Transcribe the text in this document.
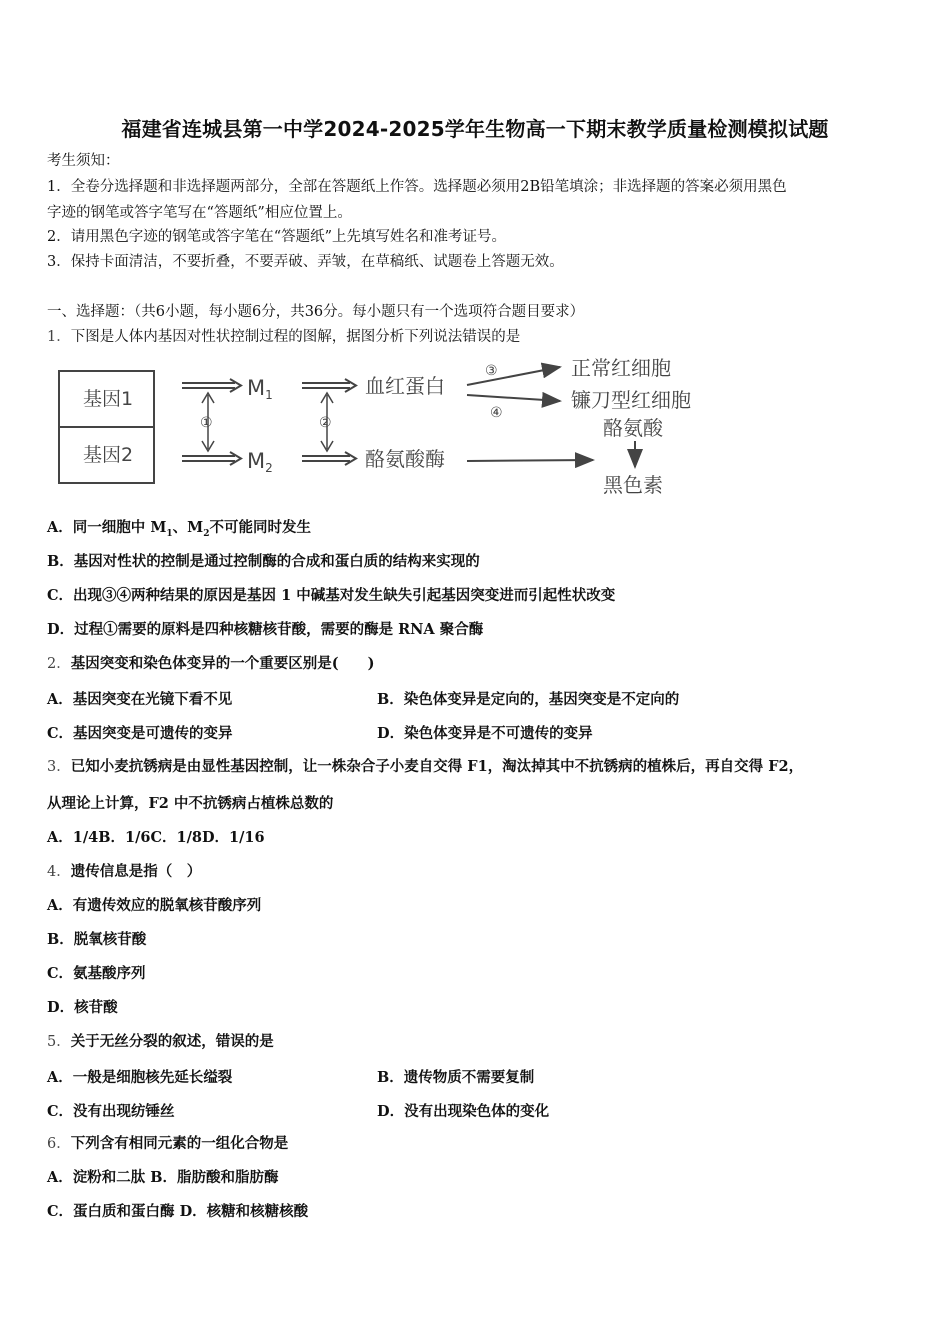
福建省连城县第一中学2024-2025学年生物高一下期末教学质量检测模拟试题
考生须知：
1．全卷分选择题和非选择题两部分，全部在答题纸上作答。选择题必须用2B铅笔填涂；非选择题的答案必须用黑色
字迹的钢笔或答字笔写在“答题纸”相应位置上。
2．请用黑色字迹的钢笔或答字笔在“答题纸”上先填写姓名和准考证号。
3．保持卡面清洁，不要折叠，不要弄破、弄皱，在草稿纸、试题卷上答题无效。
一、选择题：（共6小题，每小题6分，共36分。每小题只有一个选项符合题目要求）
1．下图是人体内基因对性状控制过程的图解，据图分析下列说法错误的是
基因1
基因2
①
M1
M2
②
血红蛋白
酪氨酸酶
③
④
正常红细胞
镰刀型红细胞
酪氨酸
黑色素
A．同一细胞中 $M_1$、$M_2$不可能同时发生
B．基因对性状的控制是通过控制酶的合成和蛋白质的结构来实现的
C．出现③④两种结果的原因是基因 1 中碱基对发生缺失引起基因突变进而引起性状改变
D．过程①需要的原料是四种核糖核苷酸，需要的酶是 RNA 聚合酶
2．基因突变和染色体变异的一个重要区别是(　　)
A．基因突变在光镜下看不见	B．染色体变异是定向的，基因突变是不定向的
C．基因突变是可遗传的变异	D．染色体变异是不可遗传的变异
3．已知小麦抗锈病是由显性基因控制，让一株杂合子小麦自交得 F1，淘汰掉其中不抗锈病的植株后，再自交得 F2，
从理论上计算，F2 中不抗锈病占植株总数的
A．1/4B．1/6C．1/8D．1/16
4．遗传信息是指（　）
A．有遗传效应的脱氧核苷酸序列
B．脱氧核苷酸
C．氨基酸序列
D．核苷酸
5．关于无丝分裂的叙述，错误的是
A．一般是细胞核先延长缢裂	B．遗传物质不需要复制
C．没有出现纺锤丝	D．没有出现染色体的变化
6．下列含有相同元素的一组化合物是
A．淀粉和二肽 B．脂肪酸和脂肪酶
C．蛋白质和蛋白酶 D．核糖和核糖核酸
